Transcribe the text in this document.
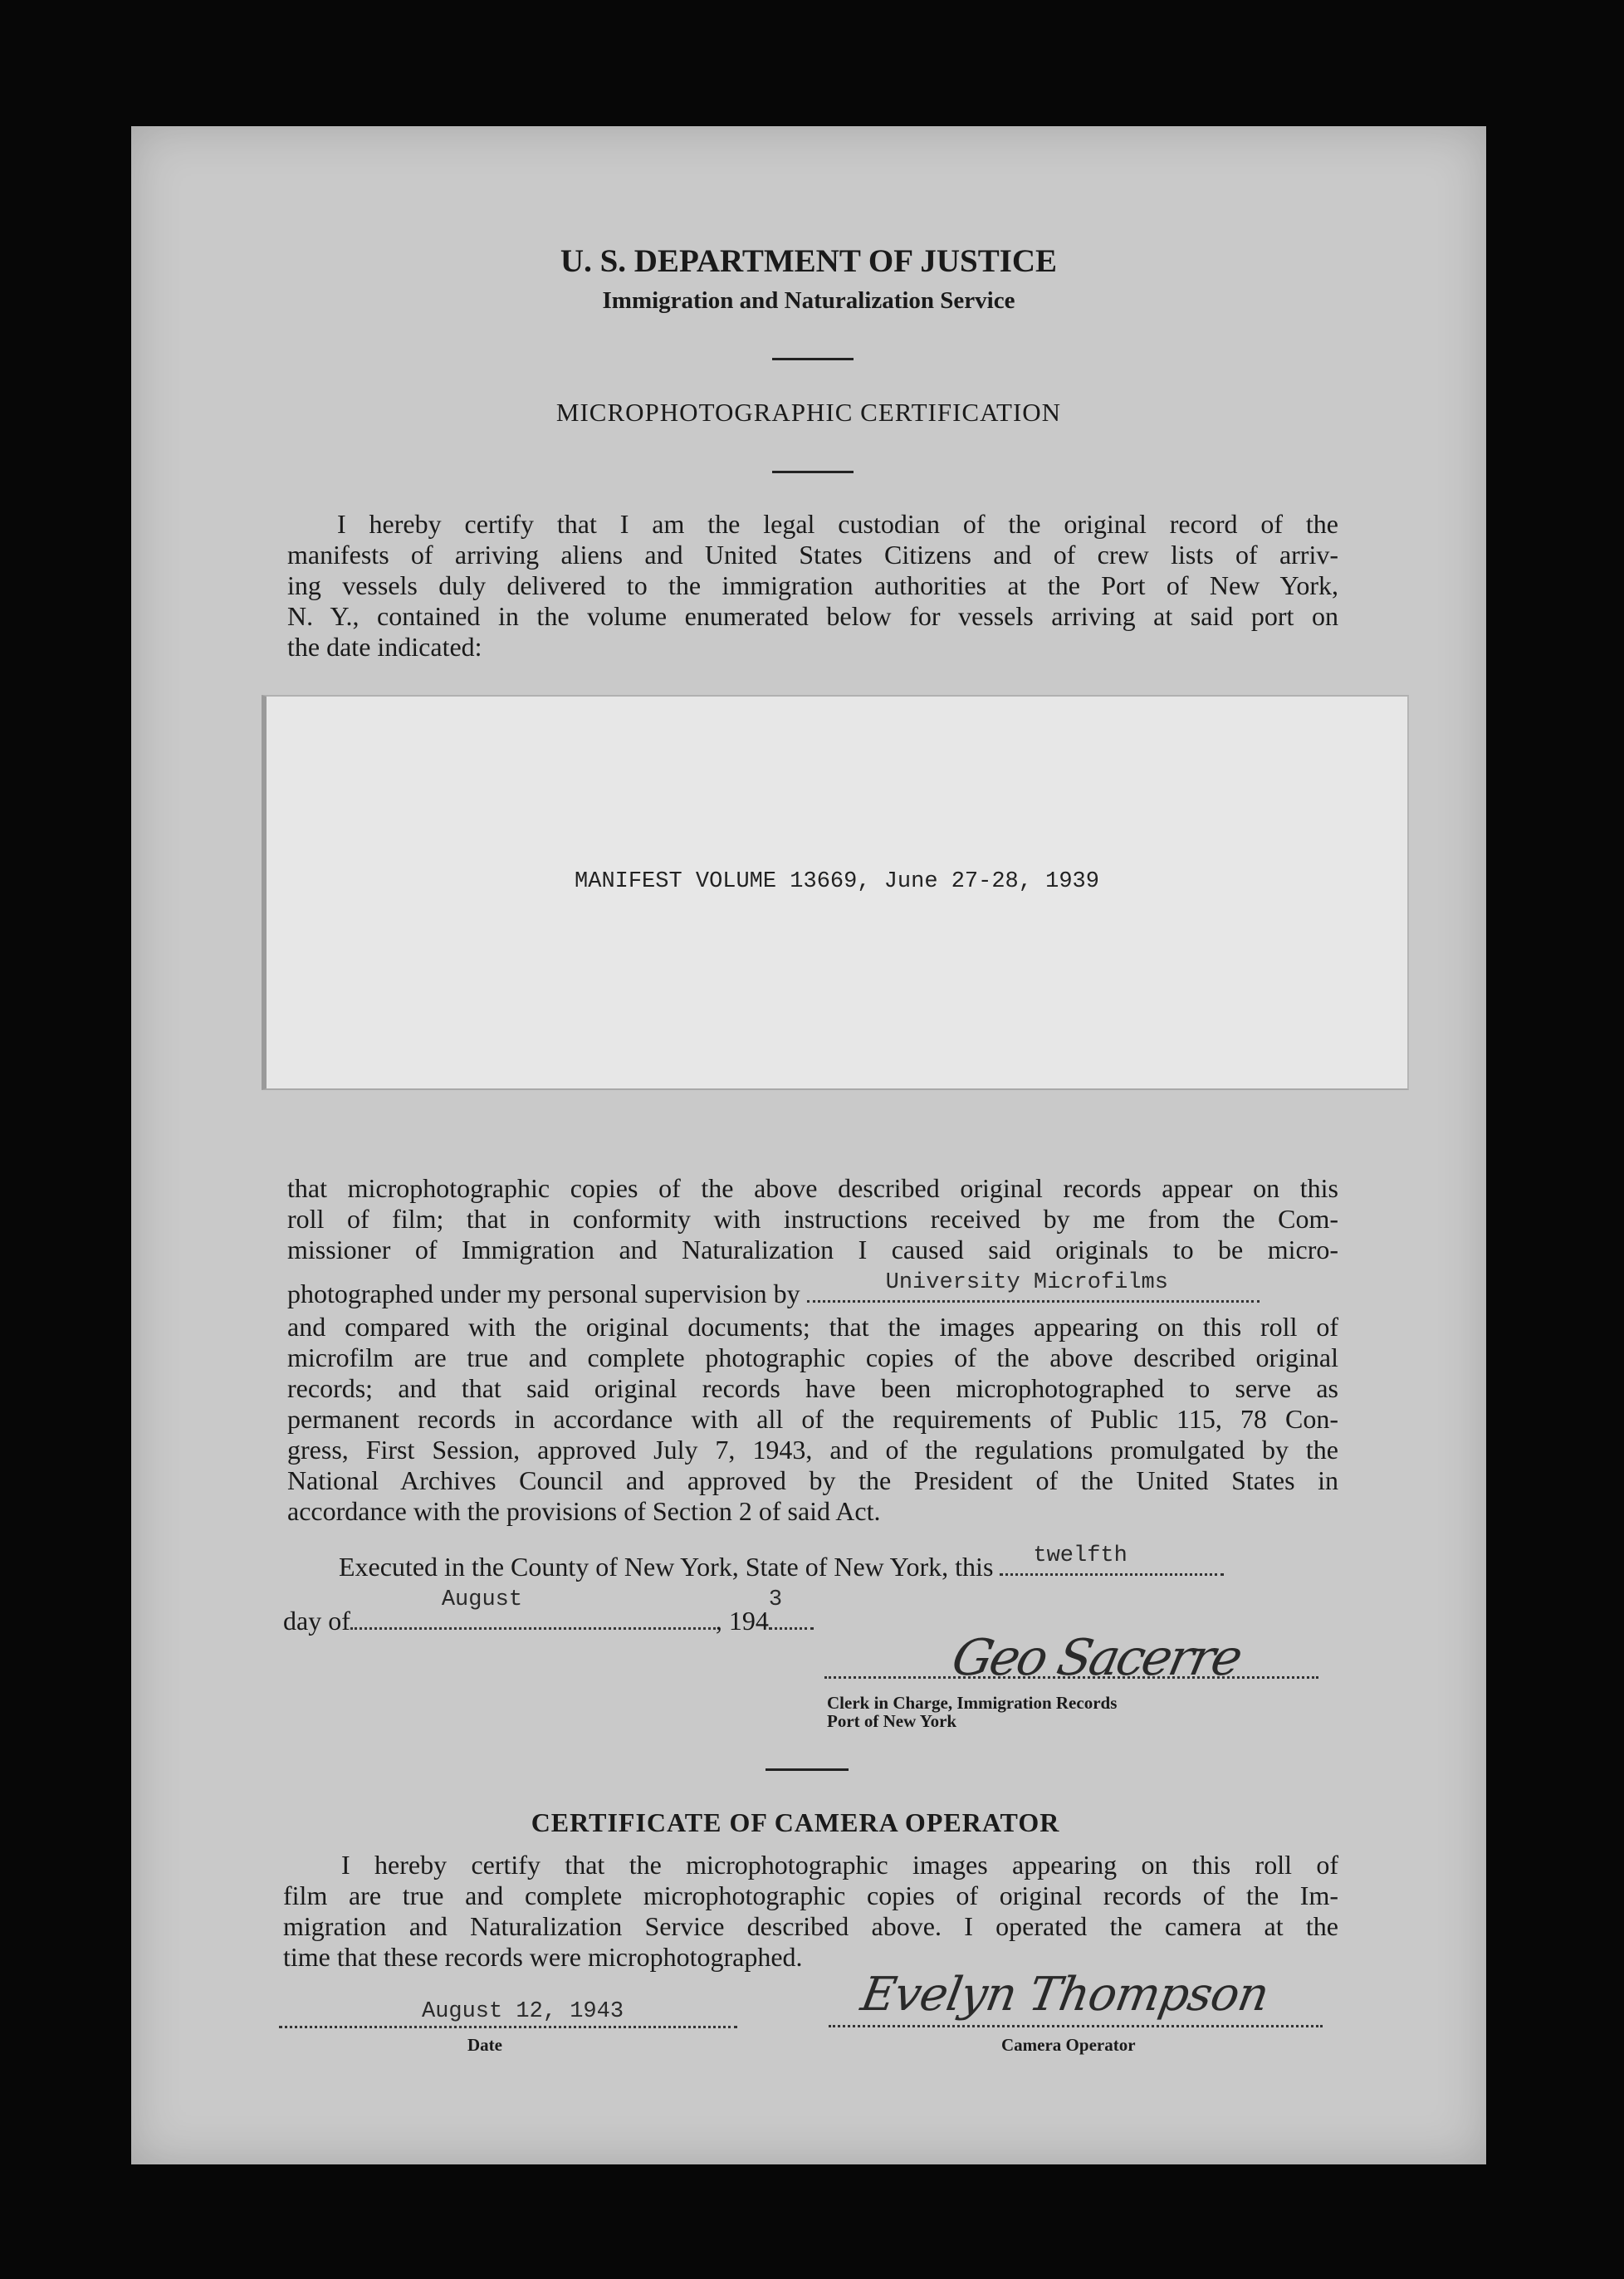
U. S. DEPARTMENT OF JUSTICE
Immigration and Naturalization Service
MICROPHOTOGRAPHIC CERTIFICATION
I hereby certify that I am the legal custodian of the original record of the
manifests of arriving aliens and United States Citizens and of crew lists of arriv-
ing vessels duly delivered to the immigration authorities at the Port of New York,
N. Y., contained in the volume enumerated below for vessels arriving at said port on
the date indicated:
MANIFEST VOLUME 13669, June 27-28, 1939
that microphotographic copies of the above described original records appear on this
roll of film; that in conformity with instructions received by me from the Com-
missioner of Immigration and Naturalization I caused said originals to be micro-
photographed under my personal supervision by	University Microfilms
and compared with the original documents; that the images appearing on this roll of
microfilm are true and complete photographic copies of the above described original
records; and that said original records have been microphotographed to serve as
permanent records in accordance with all of the requirements of Public 115, 78 Con-
gress, First Session, approved July 7, 1943, and of the regulations promulgated by the
National Archives Council and approved by the President of the United States in
accordance with the provisions of Section 2 of said Act.
Executed in the County of New York, State of New York, this twelfth
day of
August
, 194
3
Geo Sacerre
Clerk in Charge, Immigration Records
Port of New York
CERTIFICATE OF CAMERA OPERATOR
I hereby certify that the microphotographic images appearing on this roll of
film are true and complete microphotographic copies of original records of the Im-
migration and Naturalization Service described above. I operated the camera at the
time that these records were microphotographed.
August 12, 1943
Date
Evelyn Thompson
Camera Operator
